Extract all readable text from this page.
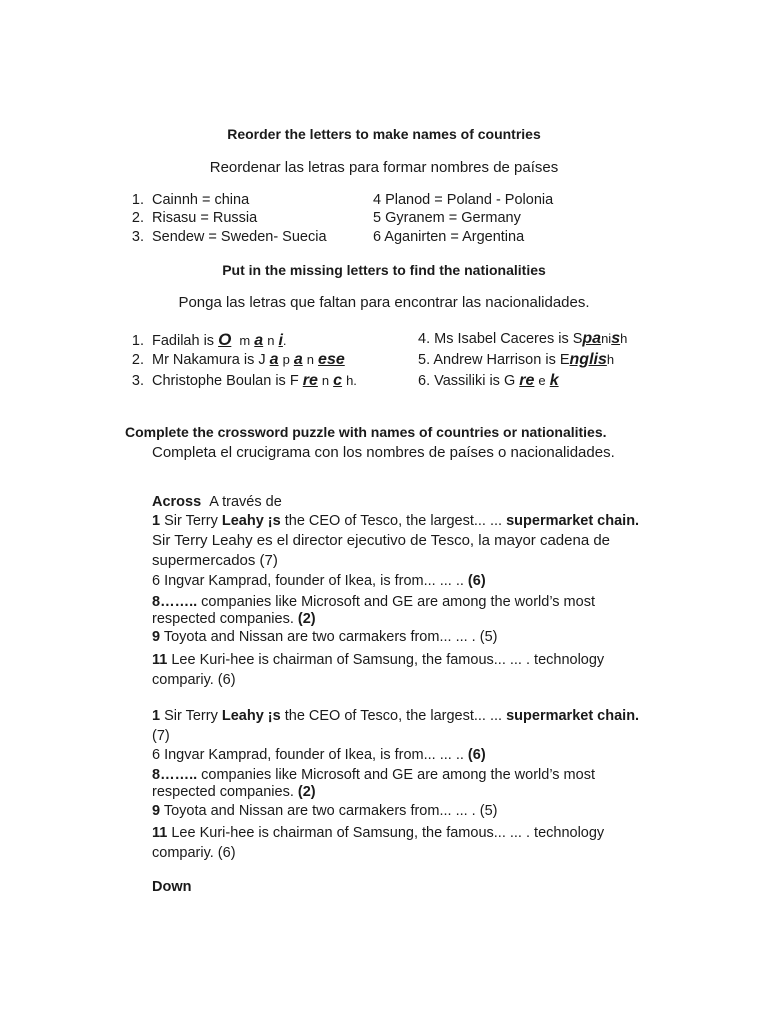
Reorder the letters to make names of countries
Reordenar las letras para formar nombres de países
1. Cainnh = china
2. Risasu = Russia
3. Sendew = Sweden- Suecia
4 Planod = Poland - Polonia
5 Gyranem = Germany
6 Aganirten = Argentina
Put in the missing letters to find the nationalities
Ponga las letras que faltan para encontrar las nacionalidades.
1. Fadilah is O m a n i.
2. Mr Nakamura is J a p a n ese
3. Christophe Boulan is F re n c h.
4. Ms Isabel Caceres is Spanish
5. Andrew Harrison is English
6. Vassiliki is G re e k
Complete the crossword puzzle with names of countries or nationalities.
Completa el crucigrama con los nombres de países o nacionalidades.
Across A través de
1 Sir Terry Leahy ¡s the CEO of Tesco, the largest... ... supermarket chain.
Sir Terry Leahy es el director ejecutivo de Tesco, la mayor cadena de supermercados (7)
6 Ingvar Kamprad, founder of Ikea, is from... ... .. (6)
8…….. companies like Microsoft and GE are among the world’s most respected companies. (2)
9 Toyota and Nissan are two carmakers from... ... . (5)
11 Lee Kuri-hee is chairman of Samsung, the famous... ... . technology compariy. (6)
1 Sir Terry Leahy ¡s the CEO of Tesco, the largest... ... supermarket chain.
(7)
6 Ingvar Kamprad, founder of Ikea, is from... ... .. (6)
8…….. companies like Microsoft and GE are among the world’s most respected companies. (2)
9 Toyota and Nissan are two carmakers from... ... . (5)
11 Lee Kuri-hee is chairman of Samsung, the famous... ... . technology compariy. (6)
Down
